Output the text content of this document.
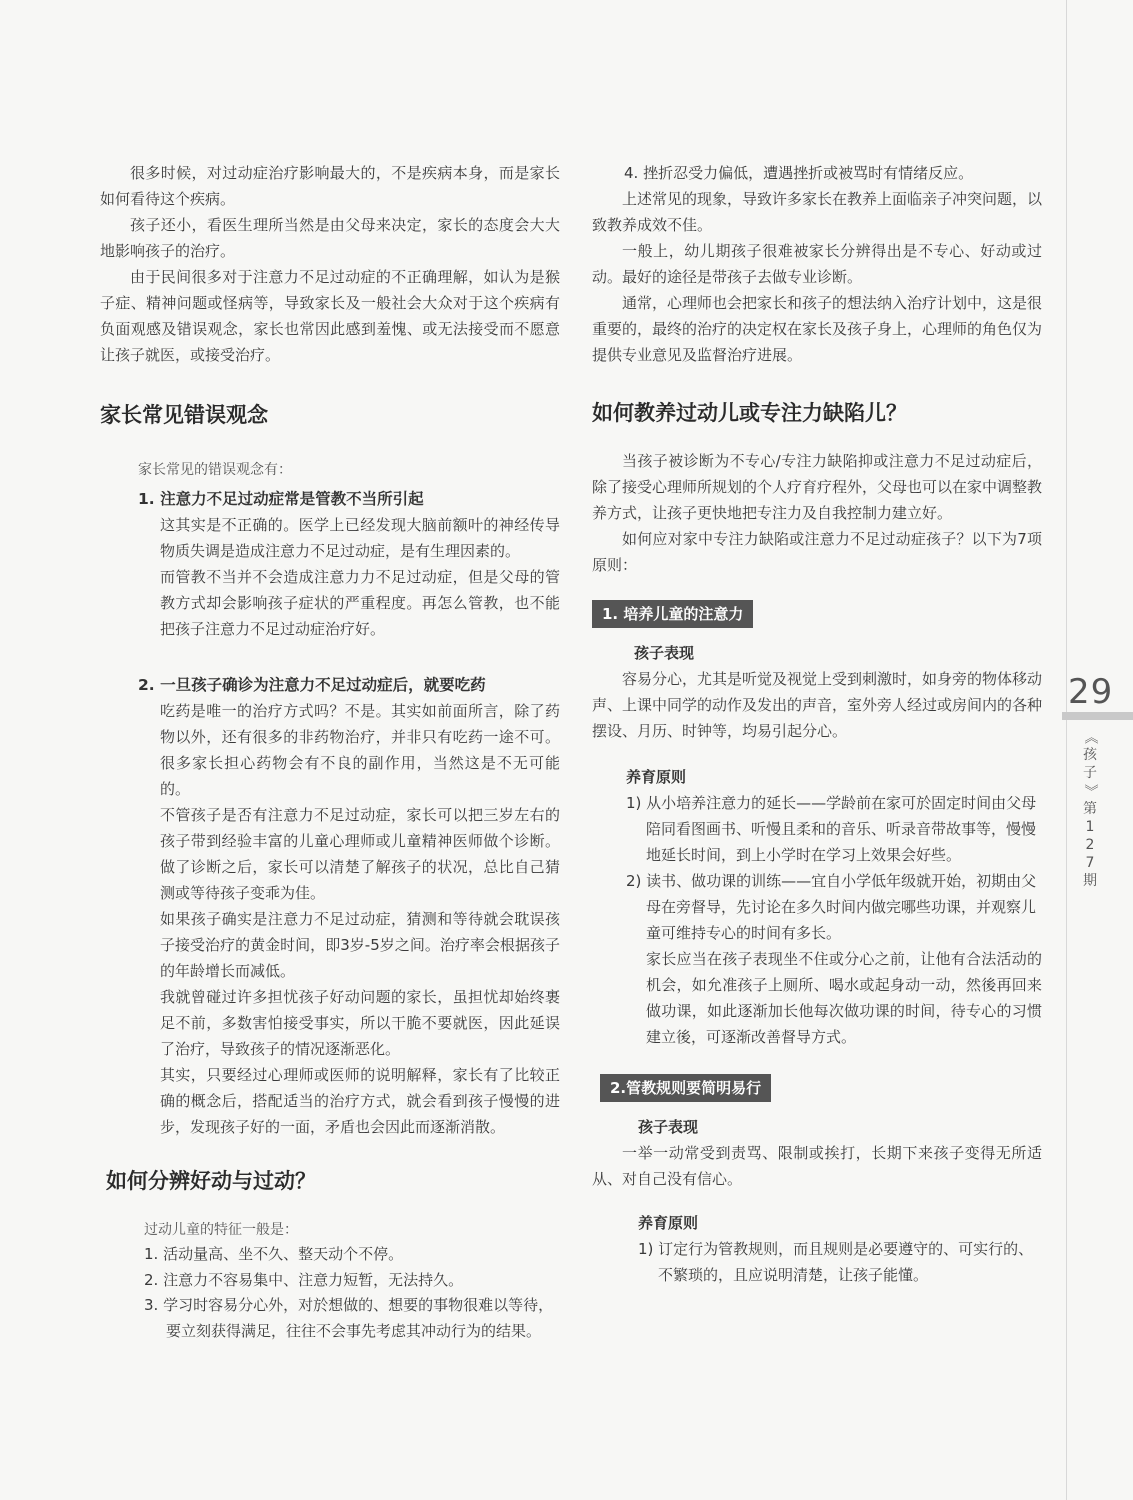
很多时候，对过动症治疗影响最大的，不是疾病本身，而是家长如何看待这个疾病。

孩子还小，看医生理所当然是由父母来决定，家长的态度会大大地影响孩子的治疗。

由于民间很多对于注意力不足过动症的不正确理解，如认为是猴子症、精神问题或怪病等，导致家长及一般社会大众对于这个疾病有负面观感及错误观念，家长也常因此感到羞愧、或无法接受而不愿意让孩子就医，或接受治疗。

家长常见错误观念
家长常见的错误观念有：
1. 注意力不足过动症常是管教不当所引起

这其实是不正确的。医学上已经发现大脑前额叶的神经传导物质失调是造成注意力不足过动症，是有生理因素的。

而管教不当并不会造成注意力力不足过动症，但是父母的管教方式却会影响孩子症状的严重程度。再怎么管教，也不能把孩子注意力不足过动症治疗好。

2. 一旦孩子确诊为注意力不足过动症后，就要吃药

吃药是唯一的治疗方式吗？不是。其实如前面所言，除了药物以外，还有很多的非药物治疗，并非只有吃药一途不可。很多家长担心药物会有不良的副作用，当然这是不无可能的。

不管孩子是否有注意力不足过动症，家长可以把三岁左右的孩子带到经验丰富的儿童心理师或儿童精神医师做个诊断。做了诊断之后，家长可以清楚了解孩子的状况，总比自己猜测或等待孩子变乖为佳。

如果孩子确实是注意力不足过动症，猜测和等待就会耽误孩子接受治疗的黄金时间，即3岁-5岁之间。治疗率会根据孩子的年龄增长而减低。

我就曾碰过许多担忧孩子好动问题的家长，虽担忧却始终裹足不前，多数害怕接受事实，所以干脆不要就医，因此延误了治疗，导致孩子的情况逐渐恶化。

其实，只要经过心理师或医师的说明解释，家长有了比较正确的概念后，搭配适当的治疗方式，就会看到孩子慢慢的进步，发现孩子好的一面，矛盾也会因此而逐渐消散。

如何分辨好动与过动？
过动儿童的特征一般是：
1. 活动量高、坐不久、整天动个不停。
2. 注意力不容易集中、注意力短暂，无法持久。
3. 学习时容易分心外，对於想做的、想要的事物很难以等待，要立刻获得满足，往往不会事先考虑其冲动行为的结果。

4. 挫折忍受力偏低，遭遇挫折或被骂时有情绪反应。

上述常见的现象，导致许多家长在教养上面临亲子冲突问题，以致教养成效不佳。

一般上，幼儿期孩子很难被家长分辨得出是不专心、好动或过动。最好的途径是带孩子去做专业诊断。

通常，心理师也会把家长和孩子的想法纳入治疗计划中，这是很重要的，最终的治疗的决定权在家长及孩子身上，心理师的角色仅为提供专业意见及监督治疗进展。

如何教养过动儿或专注力缺陷儿？

当孩子被诊断为不专心/专注力缺陷抑或注意力不足过动症后，除了接受心理师所规划的个人疗育疗程外，父母也可以在家中调整教养方式，让孩子更快地把专注力及自我控制力建立好。

如何应对家中专注力缺陷或注意力不足过动症孩子？以下为7项原则：

1. 培养儿童的注意力
孩子表现

容易分心，尤其是听觉及视觉上受到刺激时，如身旁的物体移动声、上课中同学的动作及发出的声音，室外旁人经过或房间内的各种摆设、月历、时钟等，均易引起分心。

养育原则
1) 从小培养注意力的延长——学龄前在家可於固定时间由父母陪同看图画书、听慢且柔和的音乐、听录音带故事等，慢慢地延长时间，到上小学时在学习上效果会好些。
2) 读书、做功课的训练——宜自小学低年级就开始，初期由父母在旁督导，先讨论在多久时间内做完哪些功课，并观察儿童可维持专心的时间有多长。

家长应当在孩子表现坐不住或分心之前，让他有合法活动的机会，如允准孩子上厕所、喝水或起身动一动，然後再回来做功课，如此逐渐加长他每次做功课的时间，待专心的习惯建立後，可逐渐改善督导方式。

2.管教规则要简明易行
孩子表现

一举一动常受到责骂、限制或挨打，长期下来孩子变得无所适从、对自己没有信心。

养育原则
1) 订定行为管教规则，而且规则是必要遵守的、可实行的、不繁琐的，且应说明清楚，让孩子能懂。
29
《
孩
子
》
第
1
2
7
期
